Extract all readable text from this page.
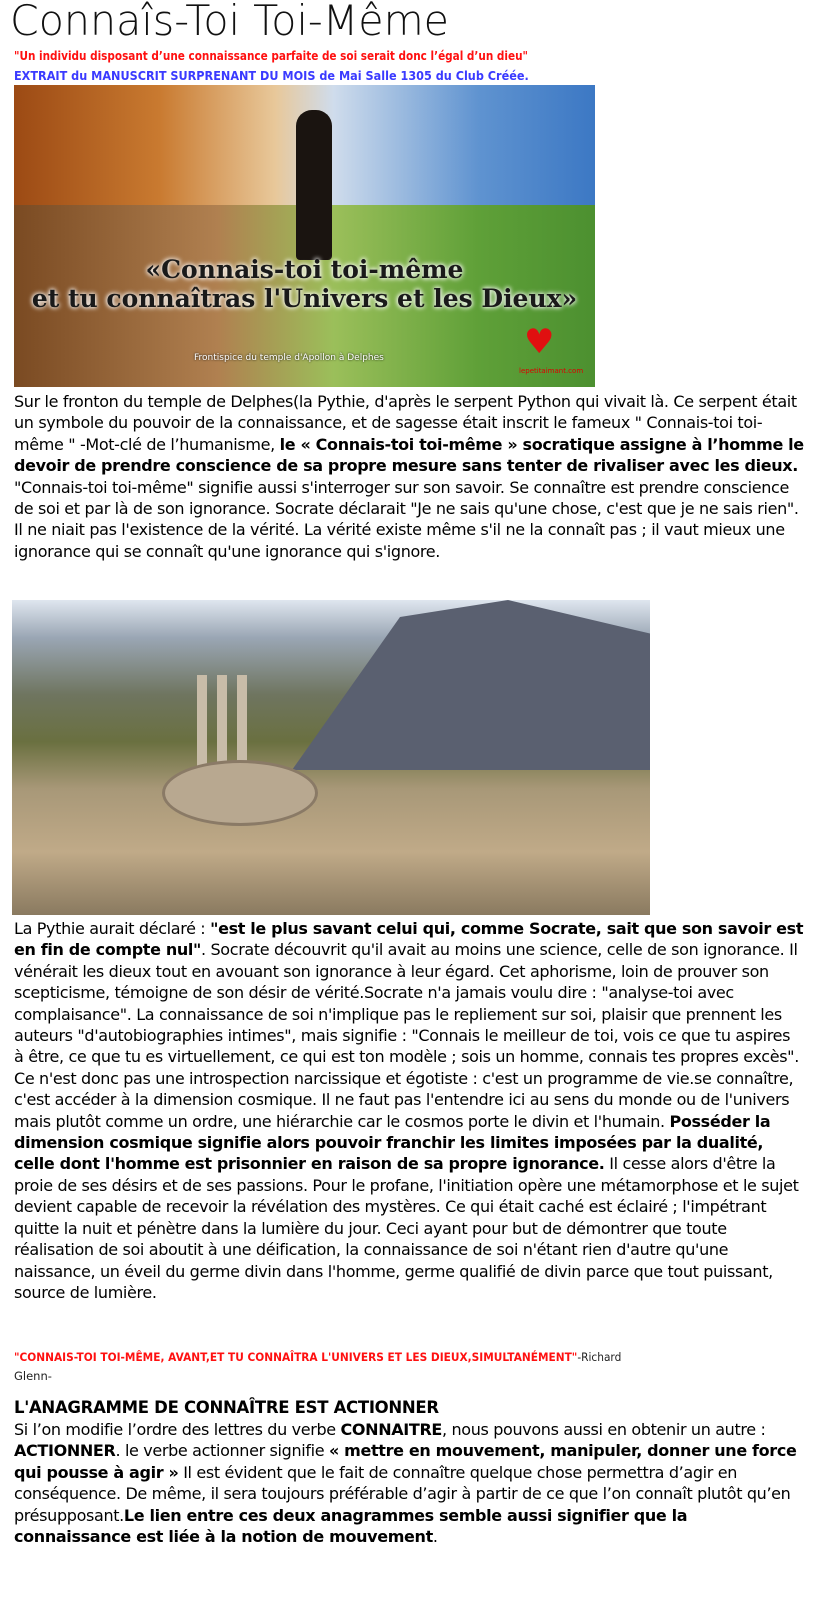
Connaîs-Toi Toi-Même
"Un individu disposant d’une connaissance parfaite de soi serait donc l’égal d’un dieu"
EXTRAIT du MANUSCRIT SURPRENANT DU MOIS de Mai Salle 1305 du Club Créée.
«Connais-toi toi-même
et tu connaîtras l'Univers et les Dieux»
Frontispice du temple d'Apollon à Delphes	♥
lepetitaimant.com
Sur le fronton du temple de Delphes(la Pythie, d'après le serpent Python qui vivait là. Ce serpent était un symbole du pouvoir de la connaissance, et de sagesse était inscrit le fameux " Connais-toi toi-même " -Mot-clé de l’humanisme, le « Connais-toi toi-même » socratique assigne à l’homme le devoir de prendre conscience de sa propre mesure sans tenter de rivaliser avec les dieux. "Connais-toi toi-même" signifie aussi s'interroger sur son savoir. Se connaître est prendre conscience de soi et par là de son ignorance. Socrate déclarait "Je ne sais qu'une chose, c'est que je ne sais rien". Il ne niait pas l'existence de la vérité. La vérité existe même s'il ne la connaît pas ; il vaut mieux une ignorance qui se connaît qu'une ignorance qui s'ignore.
La Pythie aurait déclaré : "est le plus savant celui qui, comme Socrate, sait que son savoir est en fin de compte nul". Socrate découvrit qu'il avait au moins une science, celle de son ignorance. Il vénérait les dieux tout en avouant son ignorance à leur égard. Cet aphorisme, loin de prouver son scepticisme, témoigne de son désir de vérité.Socrate n'a jamais voulu dire : "analyse-toi avec complaisance". La connaissance de soi n'implique pas le repliement sur soi, plaisir que prennent les auteurs "d'autobiographies intimes", mais signifie : "Connais le meilleur de toi, vois ce que tu aspires à être, ce que tu es virtuellement, ce qui est ton modèle ; sois un homme, connais tes propres excès". Ce n'est donc pas une introspection narcissique et égotiste : c'est un programme de vie.se connaître, c'est accéder à la dimension cosmique. Il ne faut pas l'entendre ici au sens du monde ou de l'univers mais plutôt comme un ordre, une hiérarchie car le cosmos porte le divin et l'humain. Posséder la dimension cosmique signifie alors pouvoir franchir les limites imposées par la dualité, celle dont l'homme est prisonnier en raison de sa propre ignorance. Il cesse alors d'être la proie de ses désirs et de ses passions. Pour le profane, l'initiation opère une métamorphose et le sujet devient capable de recevoir la révélation des mystères. Ce qui était caché est éclairé ; l'impétrant quitte la nuit et pénètre dans la lumière du jour. Ceci ayant pour but de démontrer que toute réalisation de soi aboutit à une déification, la connaissance de soi n'étant rien d'autre qu'une naissance, un éveil du germe divin dans l'homme, germe qualifié de divin parce que tout puissant, source de lumière.
"CONNAIS-TOI TOI-MÊME, AVANT,ET TU CONNAÎTRA L'UNIVERS ET LES DIEUX,SIMULTANÉMENT"-Richard
Glenn-
L'ANAGRAMME DE CONNAÎTRE EST ACTIONNER
Si l’on modifie l’ordre des lettres du verbe CONNAITRE, nous pouvons aussi en obtenir un autre : ACTIONNER. le verbe actionner signifie « mettre en mouvement, manipuler, donner une force qui pousse à agir » Il est évident que le fait de connaître quelque chose permettra d’agir en conséquence. De même, il sera toujours préférable d’agir à partir de ce que l’on connaît plutôt qu’en présupposant.Le lien entre ces deux anagrammes semble aussi signifier que la connaissance est liée à la notion de mouvement.
